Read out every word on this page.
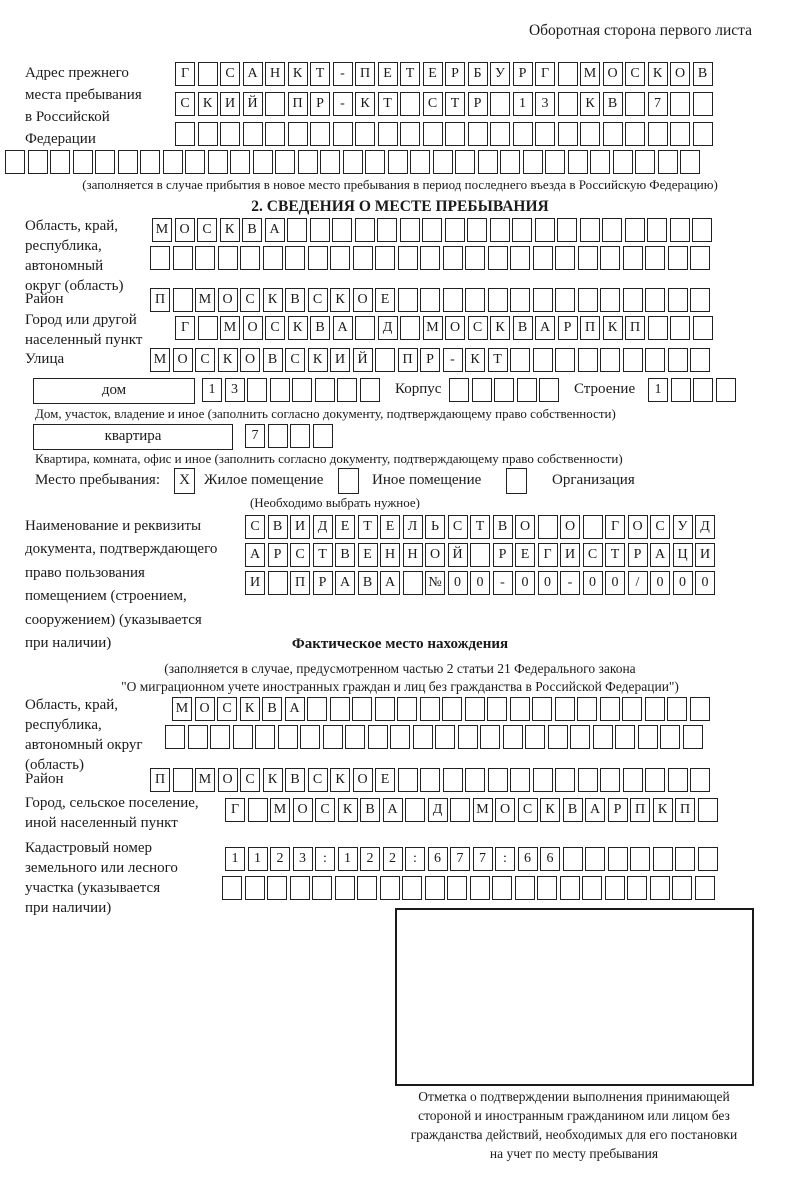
Оборотная сторона первого листа
Адрес прежнего
места пребывания
в Российской
Федерации
Г	С А Н К Т - П Е Т Е Р Б У Р Г М О С К О В
С К И Й П Р - К Т	С Т Р	1 3	К В	7
(заполняется в случае прибытия в новое место пребывания в период последнего въезда в Российскую Федерацию)
2. СВЕДЕНИЯ О МЕСТЕ ПРЕБЫВАНИЯ
Область, край,
республика,
автономный
округ (область)
М О С К В А
Район	П М О С К В С К О Е
Город или другой
населенный пункт
Г М О С К В А	Д М О С К В А Р П К П
Улица	М О С К О В С К И Й П Р - К Т
дом	1 3	Корпус	Строение	1
Дом, участок, владение и иное (заполнить согласно документу, подтверждающему право собственности)
квартира	7
Квартира, комната, офис и иное (заполнить согласно документу, подтверждающему право собственности)
Место пребывания:	X Жилое помещение	Иное помещение	Организация
(Необходимо выбрать нужное)
Наименование и реквизиты
документа, подтверждающего
право пользования
помещением (строением,
сооружением) (указывается
при наличии)
С В И Д Е Т Е Л Ь С Т В О О	Г О С У Д
А Р С Т В Е Н Н О Й	Р Е Г И С Т Р А Ц И
И П Р А В А № 0 0 - 0 0 - 0 0 / 0 0 0
Фактическое место нахождения
(заполняется в случае, предусмотренном частью 2 статьи 21 Федерального закона
"О миграционном учете иностранных граждан и лиц без гражданства в Российской Федерации")
Область, край,
республика,
автономный округ
(область)
М О С К В А
Район	П М О С К В С К О Е
Город, сельское поселение,
иной населенный пункт
Г М О С К В А	Д М О С К В А Р П К П
Кадастровый номер
земельного или лесного
участка (указывается
при наличии)
1 1 2 3 : 1 2 2 : 6 7 7 : 6 6
Отметка о подтверждении выполнения принимающей
стороной и иностранным гражданином или лицом без
гражданства действий, необходимых для его постановки
на учет по месту пребывания
